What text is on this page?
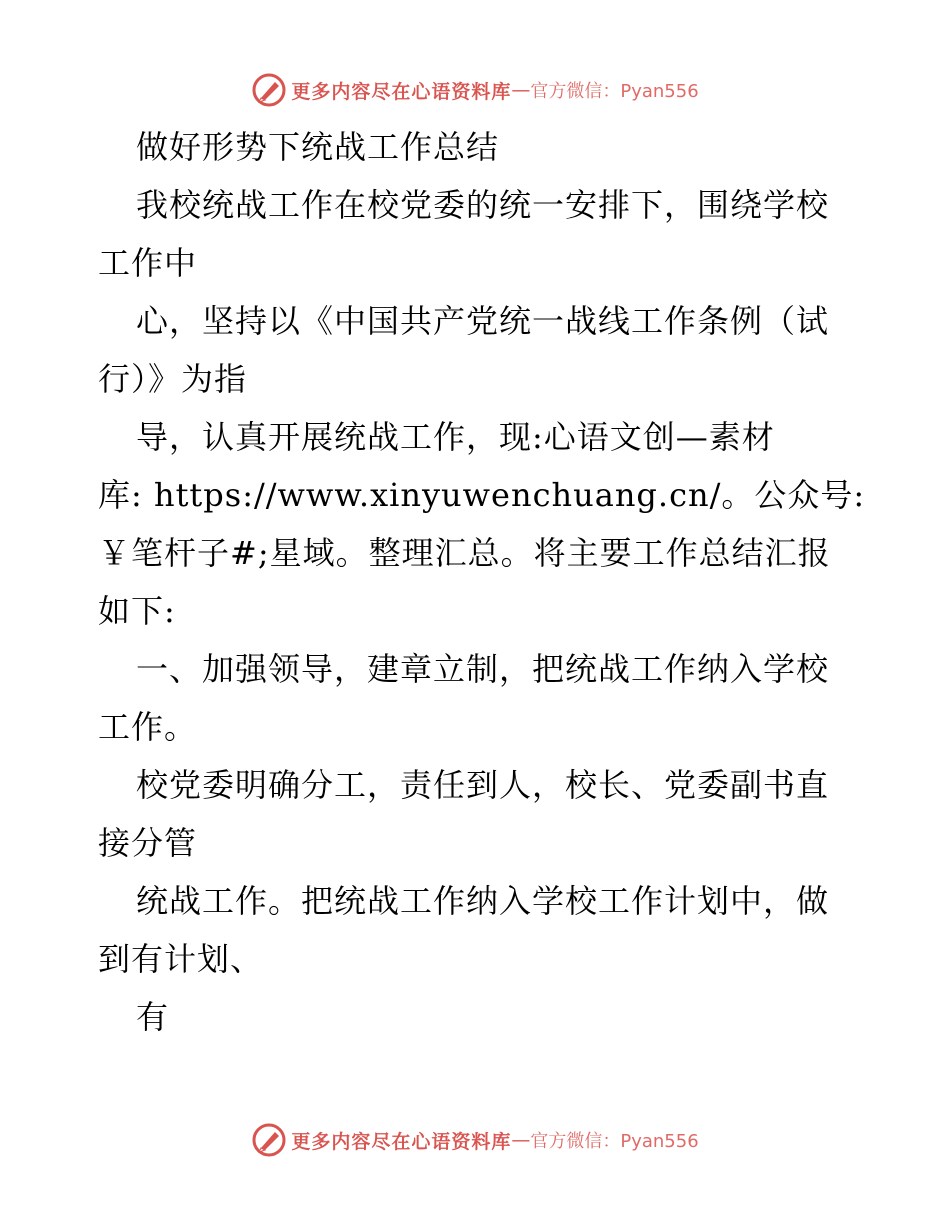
更多内容尽在心语资料库 — 官方微信：Pyan556
做好形势下统战工作总结
我校统战工作在校党委的统一安排下，围绕学校
工作中
心，坚持以《中国共产党统一战线工作条例（试
行）》为指
导，认真开展统战工作，现:心语文创—素材
库: https://www.xinyuwenchuang.cn/。公众号:
￥笔杆子#;星域。整理汇总。将主要工作总结汇报
如下:
一、加强领导，建章立制，把统战工作纳入学校
工作。
校党委明确分工，责任到人，校长、党委副书直
接分管
统战工作。把统战工作纳入学校工作计划中，做
到有计划、
有
更多内容尽在心语资料库 — 官方微信：Pyan556
